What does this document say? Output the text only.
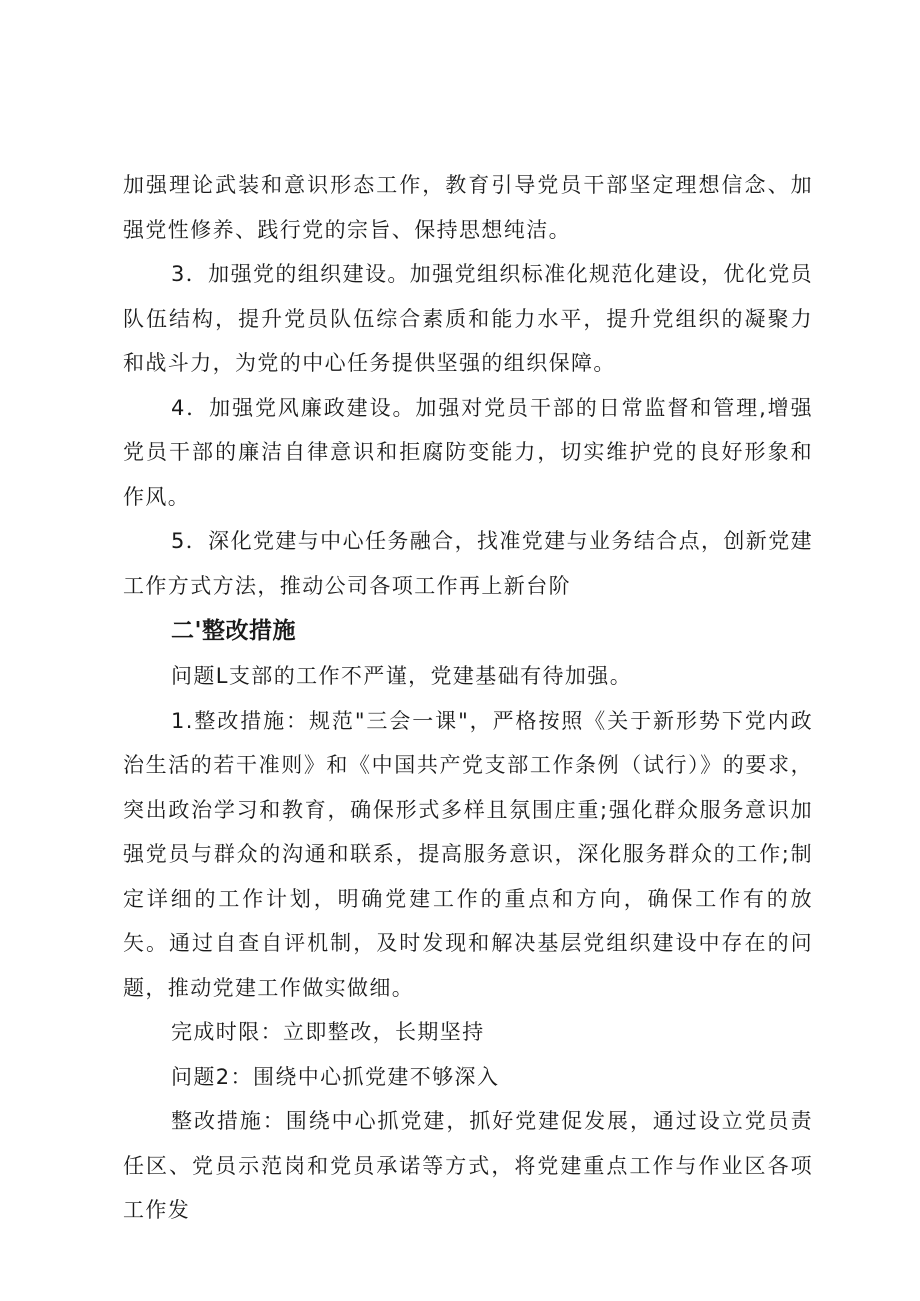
加强理论武装和意识形态工作，教育引导党员干部坚定理想信念、加强党性修养、践行党的宗旨、保持思想纯洁。

3．加强党的组织建设。加强党组织标准化规范化建设，优化党员队伍结构，提升党员队伍综合素质和能力水平，提升党组织的凝聚力和战斗力，为党的中心任务提供坚强的组织保障。

4．加强党风廉政建设。加强对党员干部的日常监督和管理,增强党员干部的廉洁自律意识和拒腐防变能力，切实维护党的良好形象和作风。

5．深化党建与中心任务融合，找准党建与业务结合点，创新党建工作方式方法，推动公司各项工作再上新台阶

二'整改措施

问题L支部的工作不严谨，党建基础有待加强。

1.整改措施：规范"三会一课"，严格按照《关于新形势下党内政治生活的若干准则》和《中国共产党支部工作条例（试行）》的要求，突出政治学习和教育，确保形式多样且氛围庄重;强化群众服务意识加强党员与群众的沟通和联系，提高服务意识，深化服务群众的工作;制定详细的工作计划，明确党建工作的重点和方向，确保工作有的放矢。通过自查自评机制，及时发现和解决基层党组织建设中存在的问题，推动党建工作做实做细。

完成时限：立即整改，长期坚持

问题2：围绕中心抓党建不够深入

整改措施：围绕中心抓党建，抓好党建促发展，通过设立党员责任区、党员示范岗和党员承诺等方式，将党建重点工作与作业区各项工作发
